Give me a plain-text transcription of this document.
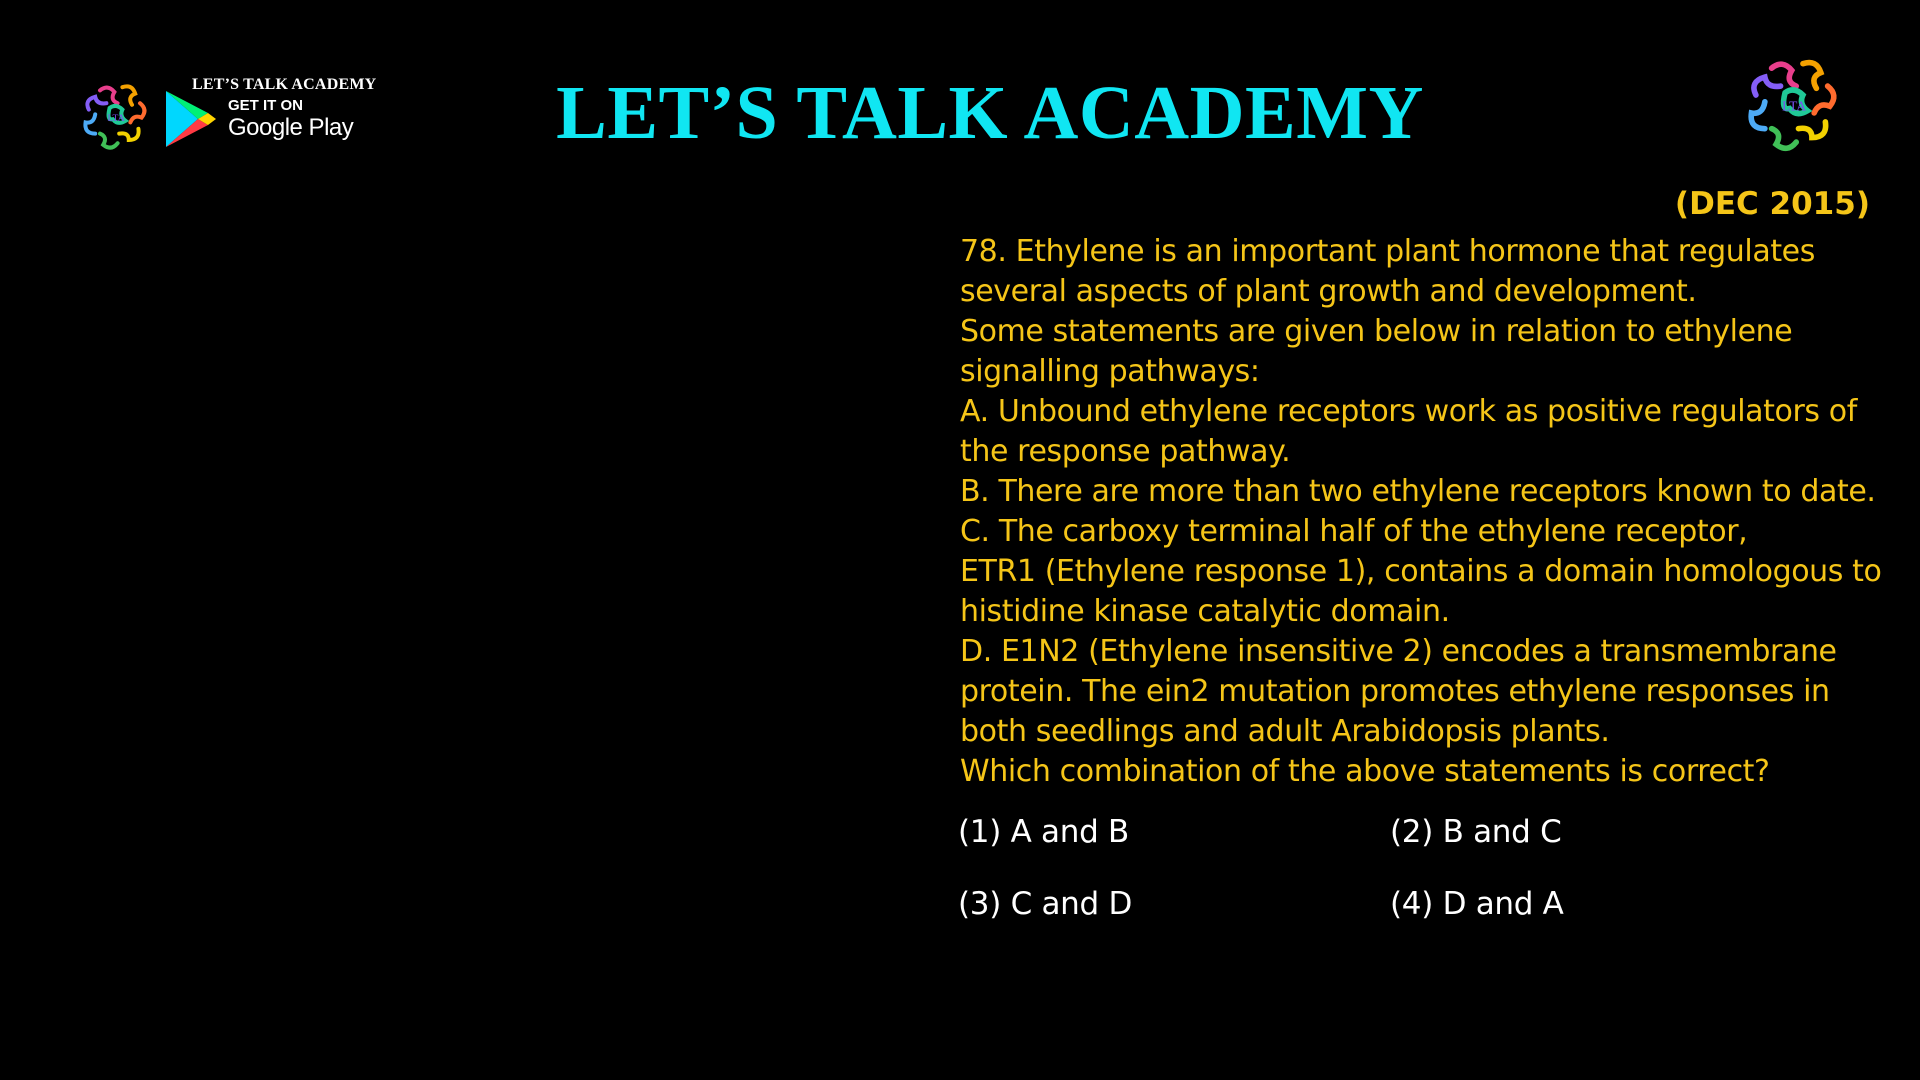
LET’S TALK ACADEMY
GET IT ON
Google Play	LET’S TALK ACADEMY
(DEC 2015)

78. Ethylene is an important plant hormone that regulates several aspects of plant growth and development.

Some statements are given below in relation to ethylene signalling pathways:

A. Unbound ethylene receptors work as positive regulators of the response pathway.

B. There are more than two ethylene receptors known to date.

C. The carboxy terminal half of the ethylene receptor,

ETR1 (Ethylene response 1), contains a domain homologous to histidine kinase catalytic domain.

D. E1N2 (Ethylene insensitive 2) encodes a transmembrane protein. The ein2 mutation promotes ethylene responses in both seedlings and adult Arabidopsis plants.

Which combination of the above statements is correct?

(1) A and B	(2) B and C
(3) C and D	(4) D and A
